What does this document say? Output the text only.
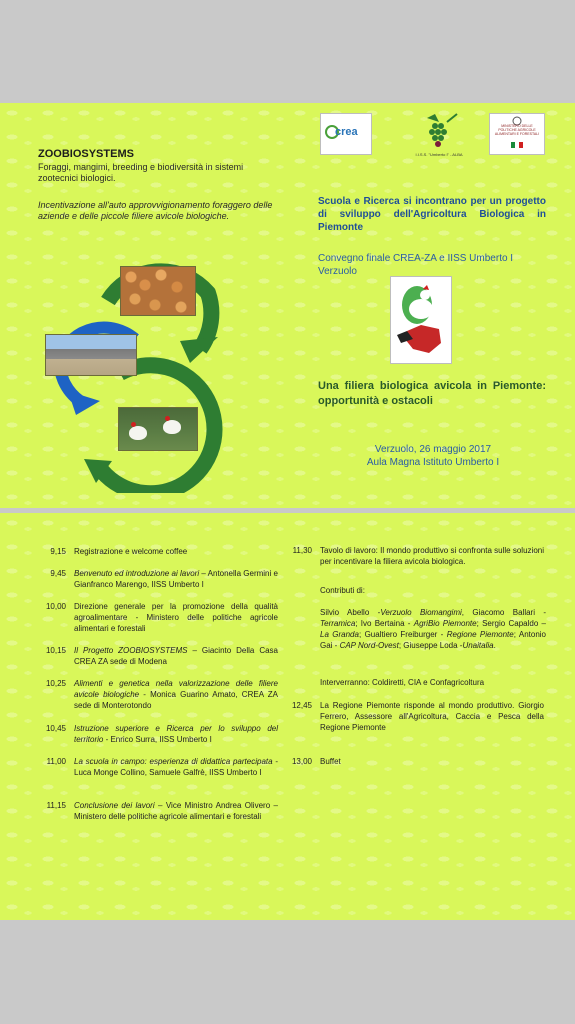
ZOOBIOSYSTEMS
Foraggi, mangimi, breeding e biodiversità in sistemi zootecnici biologici.
Incentivazione all'auto approvvigionamento foraggero delle aziende e delle piccole filiere avicole biologiche.
crea
I.I.S.S. "Umberto I" - ALBA
MINISTERO DELLE POLITICHE AGRICOLE ALIMENTARI E FORESTALI
Scuola e Ricerca si incontrano per un progetto di sviluppo dell'Agricoltura Biologica in Piemonte
Convegno finale CREA-ZA e IISS Umberto I Verzuolo
Una filiera biologica avicola in Piemonte: opportunità e ostacoli
Verzuolo, 26 maggio 2017
Aula Magna Istituto Umberto I
9,15 Registrazione e welcome coffee
9,45 Benvenuto ed introduzione ai lavori – Antonella Germini e Gianfranco Marengo, IISS Umberto I
10,00 Direzione generale per la promozione della qualità agroalimentare - Ministero delle politiche agricole alimentari e forestali
10,15 Il Progetto ZOOBIOSYSTEMS – Giacinto Della Casa CREA ZA sede di Modena
10,25 Alimenti e genetica nella valorizzazione delle filiere avicole biologiche - Monica Guarino Amato, CREA ZA sede di Monterotondo
10,45 Istruzione superiore e Ricerca per lo sviluppo del territorio - Enrico Surra, IISS Umberto I
11,00 La scuola in campo: esperienza di didattica partecipata - Luca Monge Collino, Samuele Galfrè, IISS Umberto I
11,15 Conclusione dei lavori – Vice Ministro Andrea Olivero – Ministero delle politiche agricole alimentari e forestali
11,30 Tavolo di lavoro: Il mondo produttivo si confronta sulle soluzioni per incentivare la filiera avicola biologica.
Contributi di:
Silvio Abello -Verzuolo Biomangimi, Giacomo Ballari -Terramica; Ivo Bertaina - AgriBio Piemonte; Sergio Capaldo – La Granda; Gualtiero Freiburger - Regione Piemonte; Antonio Gai - CAP Nord-Ovest; Giuseppe Loda -Unaitalia.
Interverranno: Coldiretti, CIA e Confagricoltura
12,45 La Regione Piemonte risponde al mondo produttivo. Giorgio Ferrero, Assessore all'Agricoltura, Caccia e Pesca della Regione Piemonte
13,00 Buffet
